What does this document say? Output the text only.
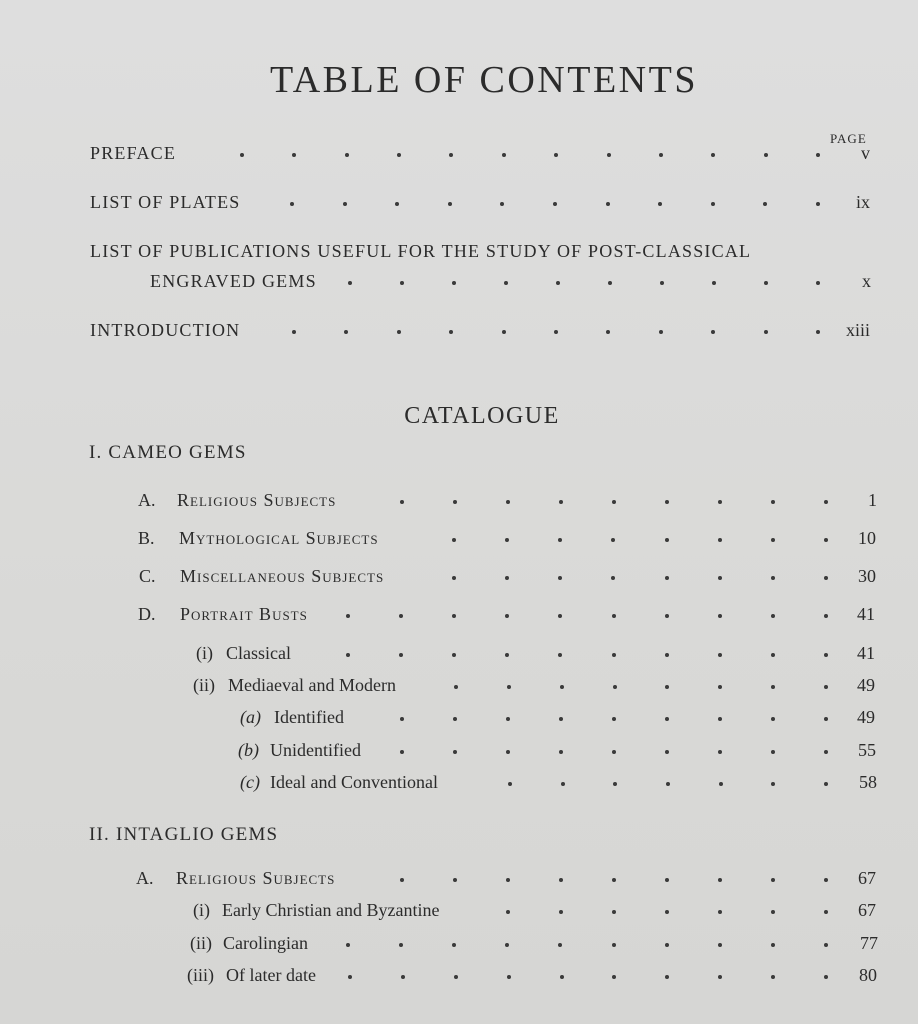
TABLE OF CONTENTS
PAGE
PREFACE	v
LIST OF PLATES	ix
LIST OF PUBLICATIONS USEFUL FOR THE STUDY OF POST-CLASSICAL
ENGRAVED GEMS	x
INTRODUCTION	xiii
CATALOGUE
I. CAMEO GEMS
A. Religious Subjects	1
B. Mythological Subjects	10
C. Miscellaneous Subjects	30
D. Portrait Busts	41
(i) Classical	41
(ii) Mediaeval and Modern	49
(a) Identified	49
(b) Unidentified	55
(c) Ideal and Conventional	58
II. INTAGLIO GEMS
A. Religious Subjects	67
(i) Early Christian and Byzantine	67
(ii) Carolingian	77
(iii) Of later date	80
